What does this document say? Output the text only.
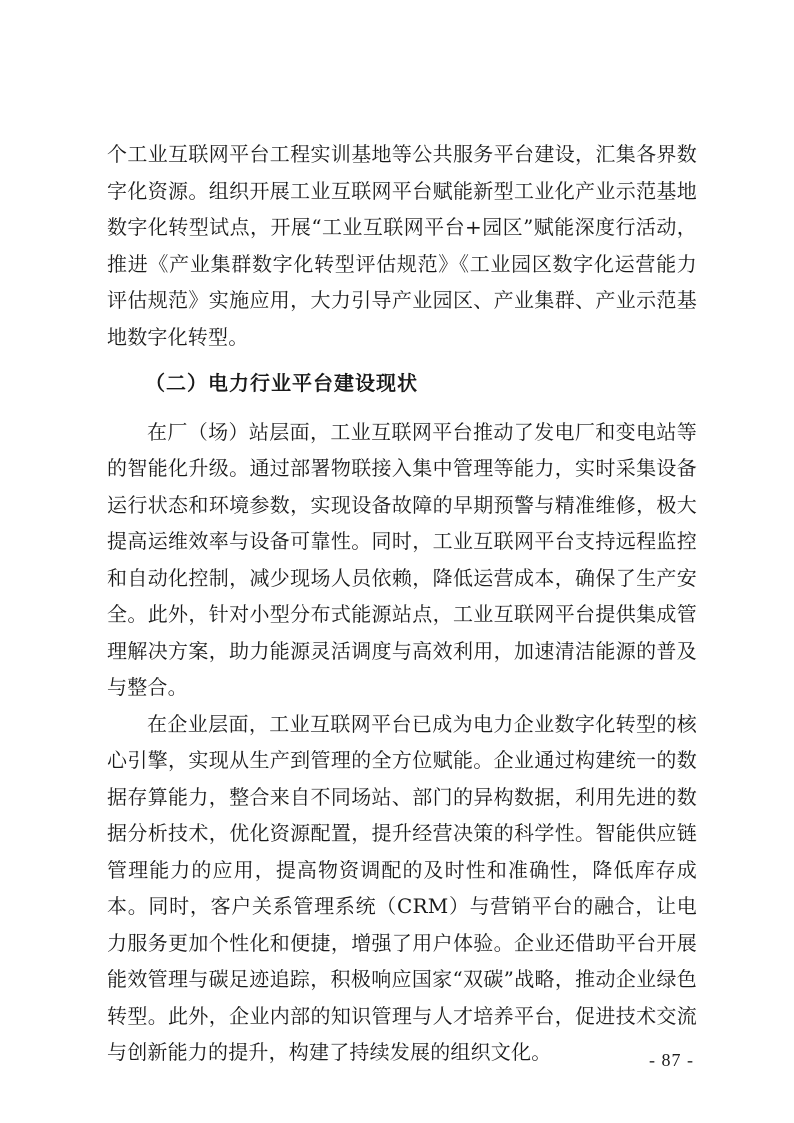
个工业互联网平台工程实训基地等公共服务平台建设，汇集各界数字化资源。组织开展工业互联网平台赋能新型工业化产业示范基地数字化转型试点，开展“工业互联网平台+园区”赋能深度行活动，推进《产业集群数字化转型评估规范》《工业园区数字化运营能力评估规范》实施应用，大力引导产业园区、产业集群、产业示范基地数字化转型。

（二）电力行业平台建设现状

在厂（场）站层面，工业互联网平台推动了发电厂和变电站等的智能化升级。通过部署物联接入集中管理等能力，实时采集设备运行状态和环境参数，实现设备故障的早期预警与精准维修，极大提高运维效率与设备可靠性。同时，工业互联网平台支持远程监控和自动化控制，减少现场人员依赖，降低运营成本，确保了生产安全。此外，针对小型分布式能源站点，工业互联网平台提供集成管理解决方案，助力能源灵活调度与高效利用，加速清洁能源的普及与整合。

在企业层面，工业互联网平台已成为电力企业数字化转型的核心引擎，实现从生产到管理的全方位赋能。企业通过构建统一的数据存算能力，整合来自不同场站、部门的异构数据，利用先进的数据分析技术，优化资源配置，提升经营决策的科学性。智能供应链管理能力的应用，提高物资调配的及时性和准确性，降低库存成本。同时，客户关系管理系统（CRM）与营销平台的融合，让电力服务更加个性化和便捷，增强了用户体验。企业还借助平台开展能效管理与碳足迹追踪，积极响应国家“双碳”战略，推动企业绿色转型。此外，企业内部的知识管理与人才培养平台，促进技术交流与创新能力的提升，构建了持续发展的组织文化。	- 87 -
